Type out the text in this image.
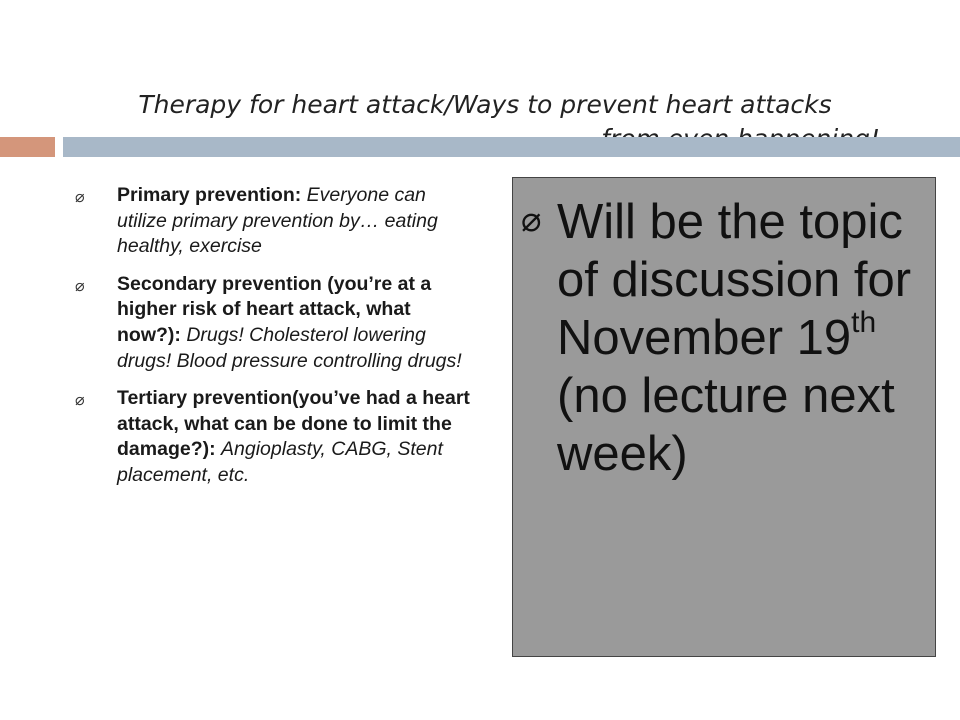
Therapy for heart attack/Ways to prevent heart attacks
⌀ Primary prevention: Everyone can utilize primary prevention by… eating healthy, exercise
⌀ Secondary prevention (you’re at a higher risk of heart attack, what now?): Drugs! Cholesterol lowering drugs! Blood pressure controlling drugs!
⌀ Tertiary prevention(you’ve had a heart attack, what can be done to limit the damage?): Angioplasty, CABG, Stent placement, etc.
⌀ Will be the topic of discussion for November 19th (no lecture next week)
